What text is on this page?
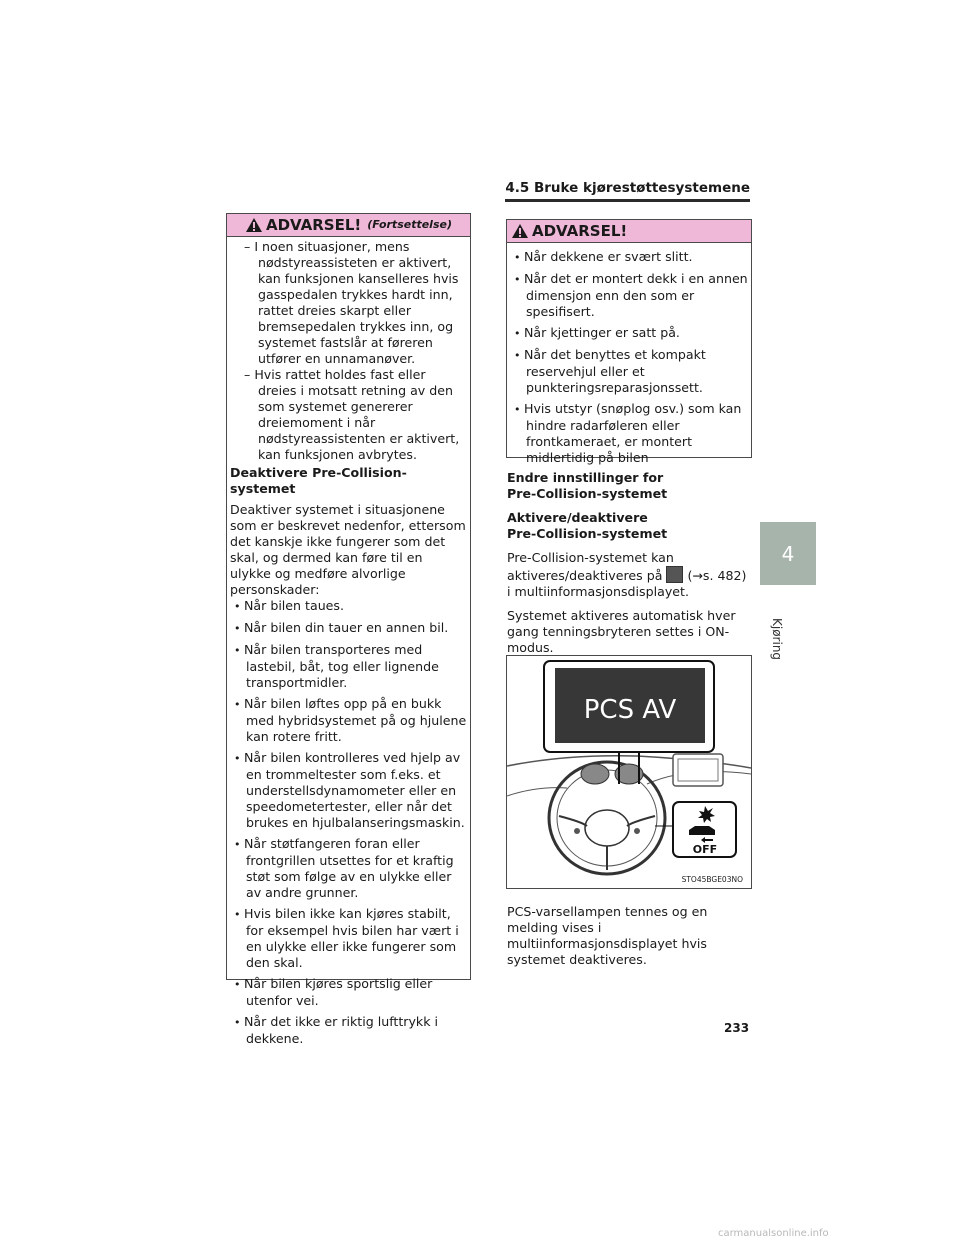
4.5 Bruke kjørestøttesystemene
ADVARSEL! (Fortsettelse)
– I noen situasjoner, mens nødstyreassisteten er aktivert, kan funksjonen kanselleres hvis gasspedalen trykkes hardt inn, rattet dreies skarpt eller bremsepedalen trykkes inn, og systemet fastslår at føreren utfører en unnamanøver.
– Hvis rattet holdes fast eller dreies i motsatt retning av den som systemet genererer dreiemoment i når nødstyreassistenten er aktivert, kan funksjonen avbrytes.

Deaktivere Pre-Collision-systemet

Deaktiver systemet i situasjonene som er beskrevet nedenfor, ettersom det kanskje ikke fungerer som det skal, og dermed kan føre til en ulykke og medføre alvorlige personskader:

• Når bilen taues.
• Når bilen din tauer en annen bil.
• Når bilen transporteres med lastebil, båt, tog eller lignende transportmidler.
• Når bilen løftes opp på en bukk med hybridsystemet på og hjulene kan rotere fritt.
• Når bilen kontrolleres ved hjelp av en trommeltester som f.eks. et understellsdynamometer eller en speedometertester, eller når det brukes en hjulbalanseringsmaskin.
• Når støtfangeren foran eller frontgrillen utsettes for et kraftig støt som følge av en ulykke eller av andre grunner.
• Hvis bilen ikke kan kjøres stabilt, for eksempel hvis bilen har vært i en ulykke eller ikke fungerer som den skal.
• Når bilen kjøres sportslig eller utenfor vei.
• Når det ikke er riktig lufttrykk i dekkene.
ADVARSEL!
• Når dekkene er svært slitt.
• Når det er montert dekk i en annen dimensjon enn den som er spesifisert.
• Når kjettinger er satt på.
• Når det benyttes et kompakt reservehjul eller et punkteringsreparasjonssett.
• Hvis utstyr (snøplog osv.) som kan hindre radarføleren eller frontkameraet, er montert midlertidig på bilen
Endre innstillinger for
Pre-Collision-systemet
Aktivere/deaktivere
Pre-Collision-systemet

Pre-Collision-systemet kan aktiveres/deaktiveres på (→s. 482) i multiinformasjonsdisplayet.

Systemet aktiveres automatisk hver gang tenningsbryteren settes i ON-modus.

PCS AV
OFF
STO45BGE03NO

PCS-varsellampen tennes og en melding vises i multiinformasjonsdisplayet hvis systemet deaktiveres.

4
Kjøring
233
carmanualsonline.info
